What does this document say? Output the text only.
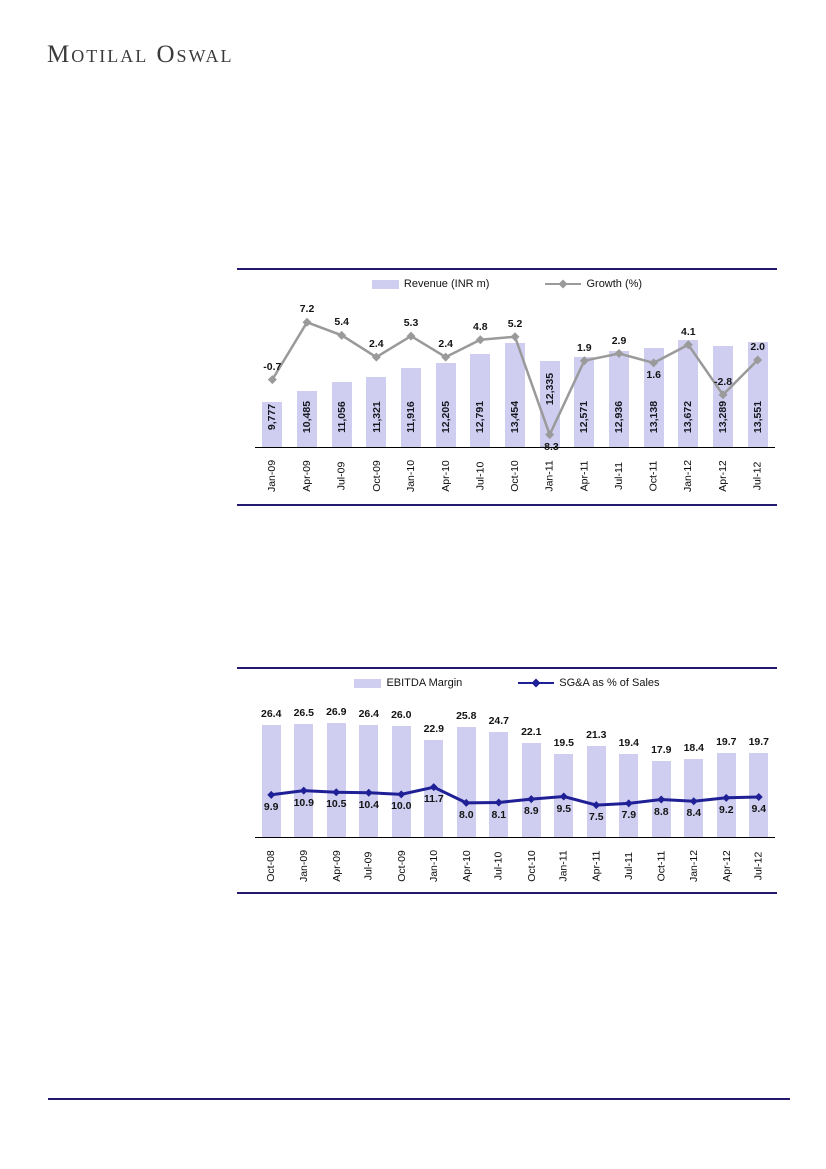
Motilal Oswal
Revenue (INR m)	Growth (%)
9,777 10,485 11,056 11,321 11,916 12,205 12,791 13,454
12,335
12,571 12,936 13,138 13,672 13,289 13,551
-0.7
7.2
5.4
2.4
5.3
2.4
4.8	5.2
-8.3
1.9
2.9
1.6
4.1
-2.8
2.0
Jan-09 Apr-09 Jul-09 Oct-09 Jan-10 Apr-10 Jul-10 Oct-10 Jan-11 Apr-11 Jul-11 Oct-11 Jan-12 Apr-12 Jul-12
EBITDA Margin	SG&A as % of Sales
26.4	26.5	26.9	26.4	26.0
22.9
25.8	24.7
22.1
19.5
21.3
19.4
17.9	18.4	19.7	19.7
9.9	10.9	10.5	10.4	10.0
11.7
8.0	8.1	8.9	9.5
7.5	7.9	8.8	8.4	9.2	9.4
Oct-08 Jan-09 Apr-09 Jul-09 Oct-09 Jan-10 Apr-10 Jul-10 Oct-10 Jan-11 Apr-11 Jul-11 Oct-11 Jan-12 Apr-12 Jul-12
